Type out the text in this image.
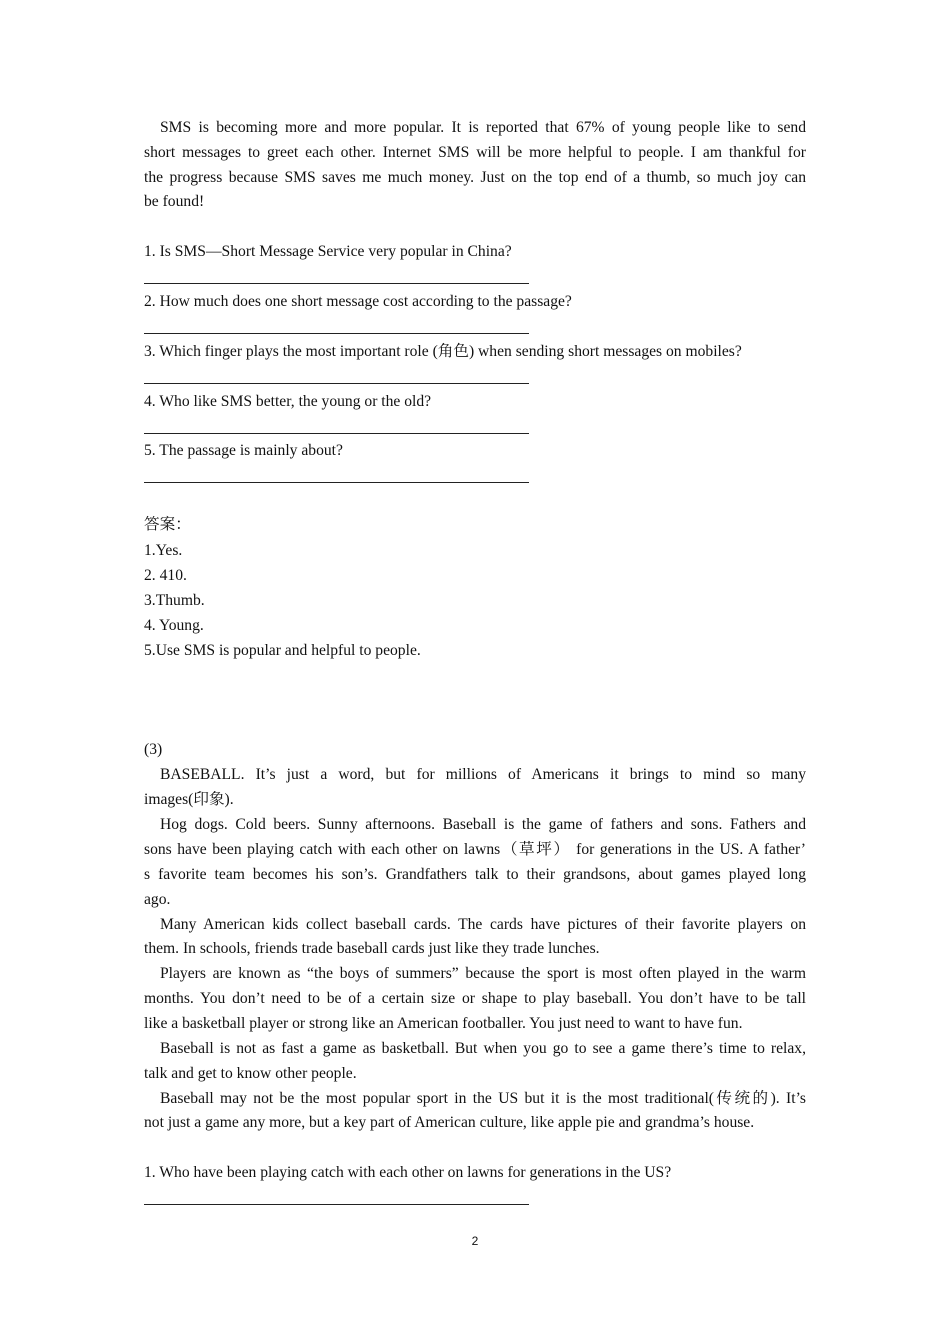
SMS is becoming more and more popular. It is reported that 67% of young people like to send
short messages to greet each other. Internet SMS will be more helpful to people. I am thankful for
the progress because SMS saves me much money. Just on the top end of a thumb, so much joy can
be found!
1. Is SMS—Short Message Service very popular in China?
2. How much does one short message cost according to the passage?
3. Which finger plays the most important role (角色) when sending short messages on mobiles?
4. Who like SMS better, the young or the old?
5. The passage is mainly about?
答案：
1.Yes.
2. 410.
3.Thumb.
4. Young.
5.Use SMS is popular and helpful to people.
(3)
BASEBALL. It’s just a word, but for millions of Americans it brings to mind so many
images(印象).
Hog dogs. Cold beers. Sunny afternoons. Baseball is the game of fathers and sons. Fathers and
sons have been playing catch with each other on lawns（草坪） for generations in the US. A father’
s favorite team becomes his son’s. Grandfathers talk to their grandsons, about games played long
ago.
Many American kids collect baseball cards. The cards have pictures of their favorite players on
them. In schools, friends trade baseball cards just like they trade lunches.
Players are known as “the boys of summers” because the sport is most often played in the warm
months. You don’t need to be of a certain size or shape to play baseball. You don’t have to be tall
like a basketball player or strong like an American footballer. You just need to want to have fun.
Baseball is not as fast a game as basketball. But when you go to see a game there’s time to relax,
talk and get to know other people.
Baseball may not be the most popular sport in the US but it is the most traditional(传统的). It’s
not just a game any more, but a key part of American culture, like apple pie and grandma’s house.
1. Who have been playing catch with each other on lawns for generations in the US?
2
